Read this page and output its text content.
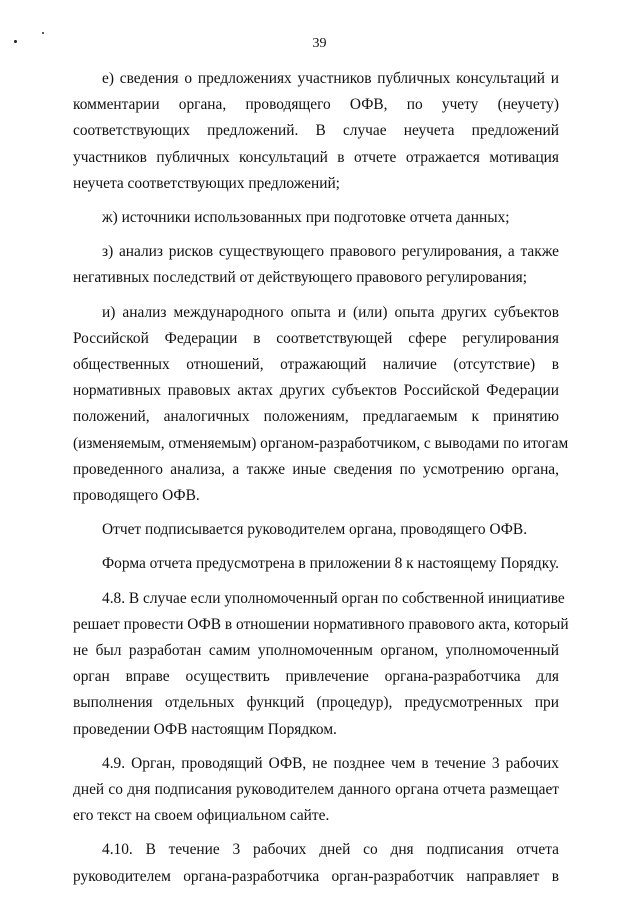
39

е) сведения о предложениях участников публичных консультаций и
комментарии органа, проводящего ОФВ, по учету (неучету)
соответствующих предложений. В случае неучета предложений
участников публичных консультаций в отчете отражается мотивация
неучета соответствующих предложений;

ж) источники использованных при подготовке отчета данных;

з) анализ рисков существующего правового регулирования, а также
негативных последствий от действующего правового регулирования;

и) анализ международного опыта и (или) опыта других субъектов
Российской Федерации в соответствующей сфере регулирования
общественных отношений, отражающий наличие (отсутствие) в
нормативных правовых актах других субъектов Российской Федерации
положений, аналогичных положениям, предлагаемым к принятию
(изменяемым, отменяемым) органом-разработчиком, с выводами по итогам
проведенного анализа, а также иные сведения по усмотрению органа,
проводящего ОФВ.

Отчет подписывается руководителем органа, проводящего ОФВ.

Форма отчета предусмотрена в приложении 8 к настоящему Порядку.

4.8. В случае если уполномоченный орган по собственной инициативе
решает провести ОФВ в отношении нормативного правового акта, который
не был разработан самим уполномоченным органом, уполномоченный
орган вправе осуществить привлечение органа-разработчика для
выполнения отдельных функций (процедур), предусмотренных при
проведении ОФВ настоящим Порядком.

4.9. Орган, проводящий ОФВ, не позднее чем в течение 3 рабочих
дней со дня подписания руководителем данного органа отчета размещает
его текст на своем официальном сайте.

4.10. В течение 3 рабочих дней со дня подписания отчета
руководителем органа-разработчика орган-разработчик направляет в
